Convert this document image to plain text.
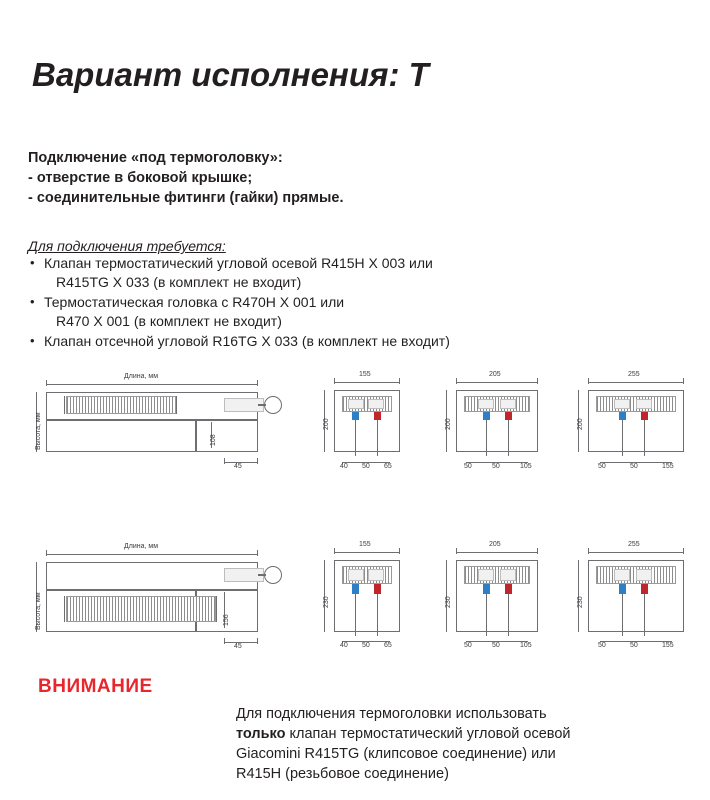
Вариант исполнения: Т
Подключение «под термоголовку»:
- отверстие в боковой крышке;
- соединительные фитинги (гайки) прямые.
Для подключения требуется:
• Клапан термостатический угловой осевой R415H X 003 или
R415TG X 033 (в комплект не входит)
• Термостатическая головка с R470H X 001 или
R470 X 001 (в комплект не входит)
• Клапан отсечной угловой R16TG X 033 (в комплект не входит)
Длина, мм
Высота, мм	108
45
155
200
40 50 65
205
200
50	50	105
255
200
50	50	155
Длина, мм
Высота, мм	156
45
155
230
40 50 65
205
230
50	50	105
255
230
50	50	155
ВНИМАНИЕ
Для подключения термоголовки использовать
только клапан термостатический угловой осевой
Giacomini R415TG (клипсовое соединение) или
R415H (резьбовое соединение)
